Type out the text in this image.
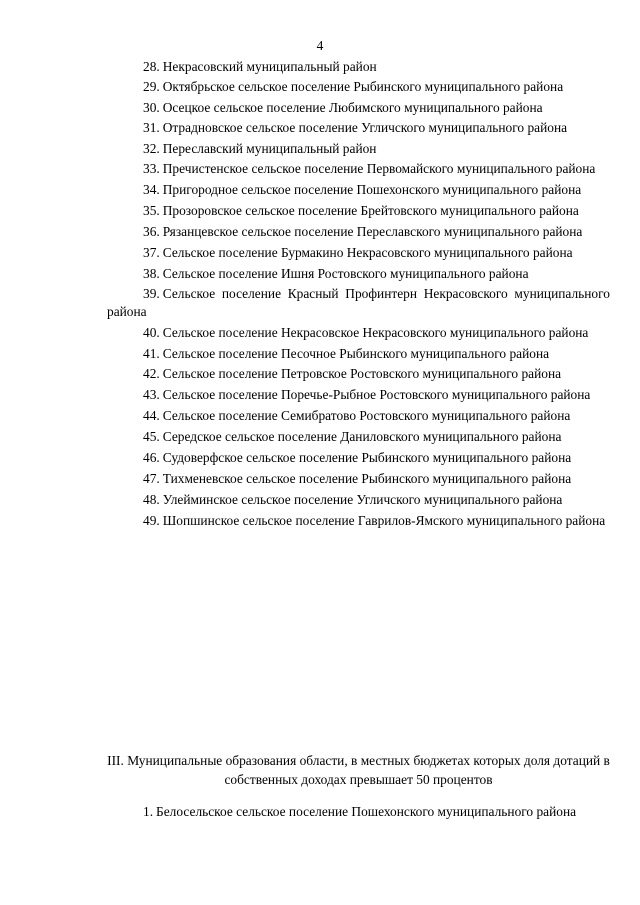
4

28. Некрасовский муниципальный район

29. Октябрьское сельское поселение Рыбинского муниципального района

30. Осецкое сельское поселение Любимского муниципального района

31. Отрадновское сельское поселение Угличского муниципального района

32. Переславский муниципальный район

33. Пречистенское сельское поселение Первомайского муниципального района

34. Пригородное сельское поселение Пошехонского муниципального района

35. Прозоровское сельское поселение Брейтовского муниципального района

36. Рязанцевское сельское поселение Переславского муниципального района

37. Сельское поселение Бурмакино Некрасовского муниципального района

38. Сельское поселение Ишня Ростовского муниципального района

39. Сельское поселение Красный Профинтерн Некрасовского муниципального района

40. Сельское поселение Некрасовское Некрасовского муниципального района

41. Сельское поселение Песочное Рыбинского муниципального района

42. Сельское поселение Петровское Ростовского муниципального района

43. Сельское поселение Поречье-Рыбное Ростовского муниципального района

44. Сельское поселение Семибратово Ростовского муниципального района

45. Середское сельское поселение Даниловского муниципального района

46. Судоверфское сельское поселение Рыбинского муниципального района

47. Тихменевское сельское поселение Рыбинского муниципального района

48. Улейминское сельское поселение Угличского муниципального района

49. Шопшинское сельское поселение Гаврилов-Ямского муниципального района

III. Муниципальные образования области, в местных бюджетах которых доля дотаций в собственных доходах превышает 50 процентов

1. Белосельское сельское поселение Пошехонского муниципального района
